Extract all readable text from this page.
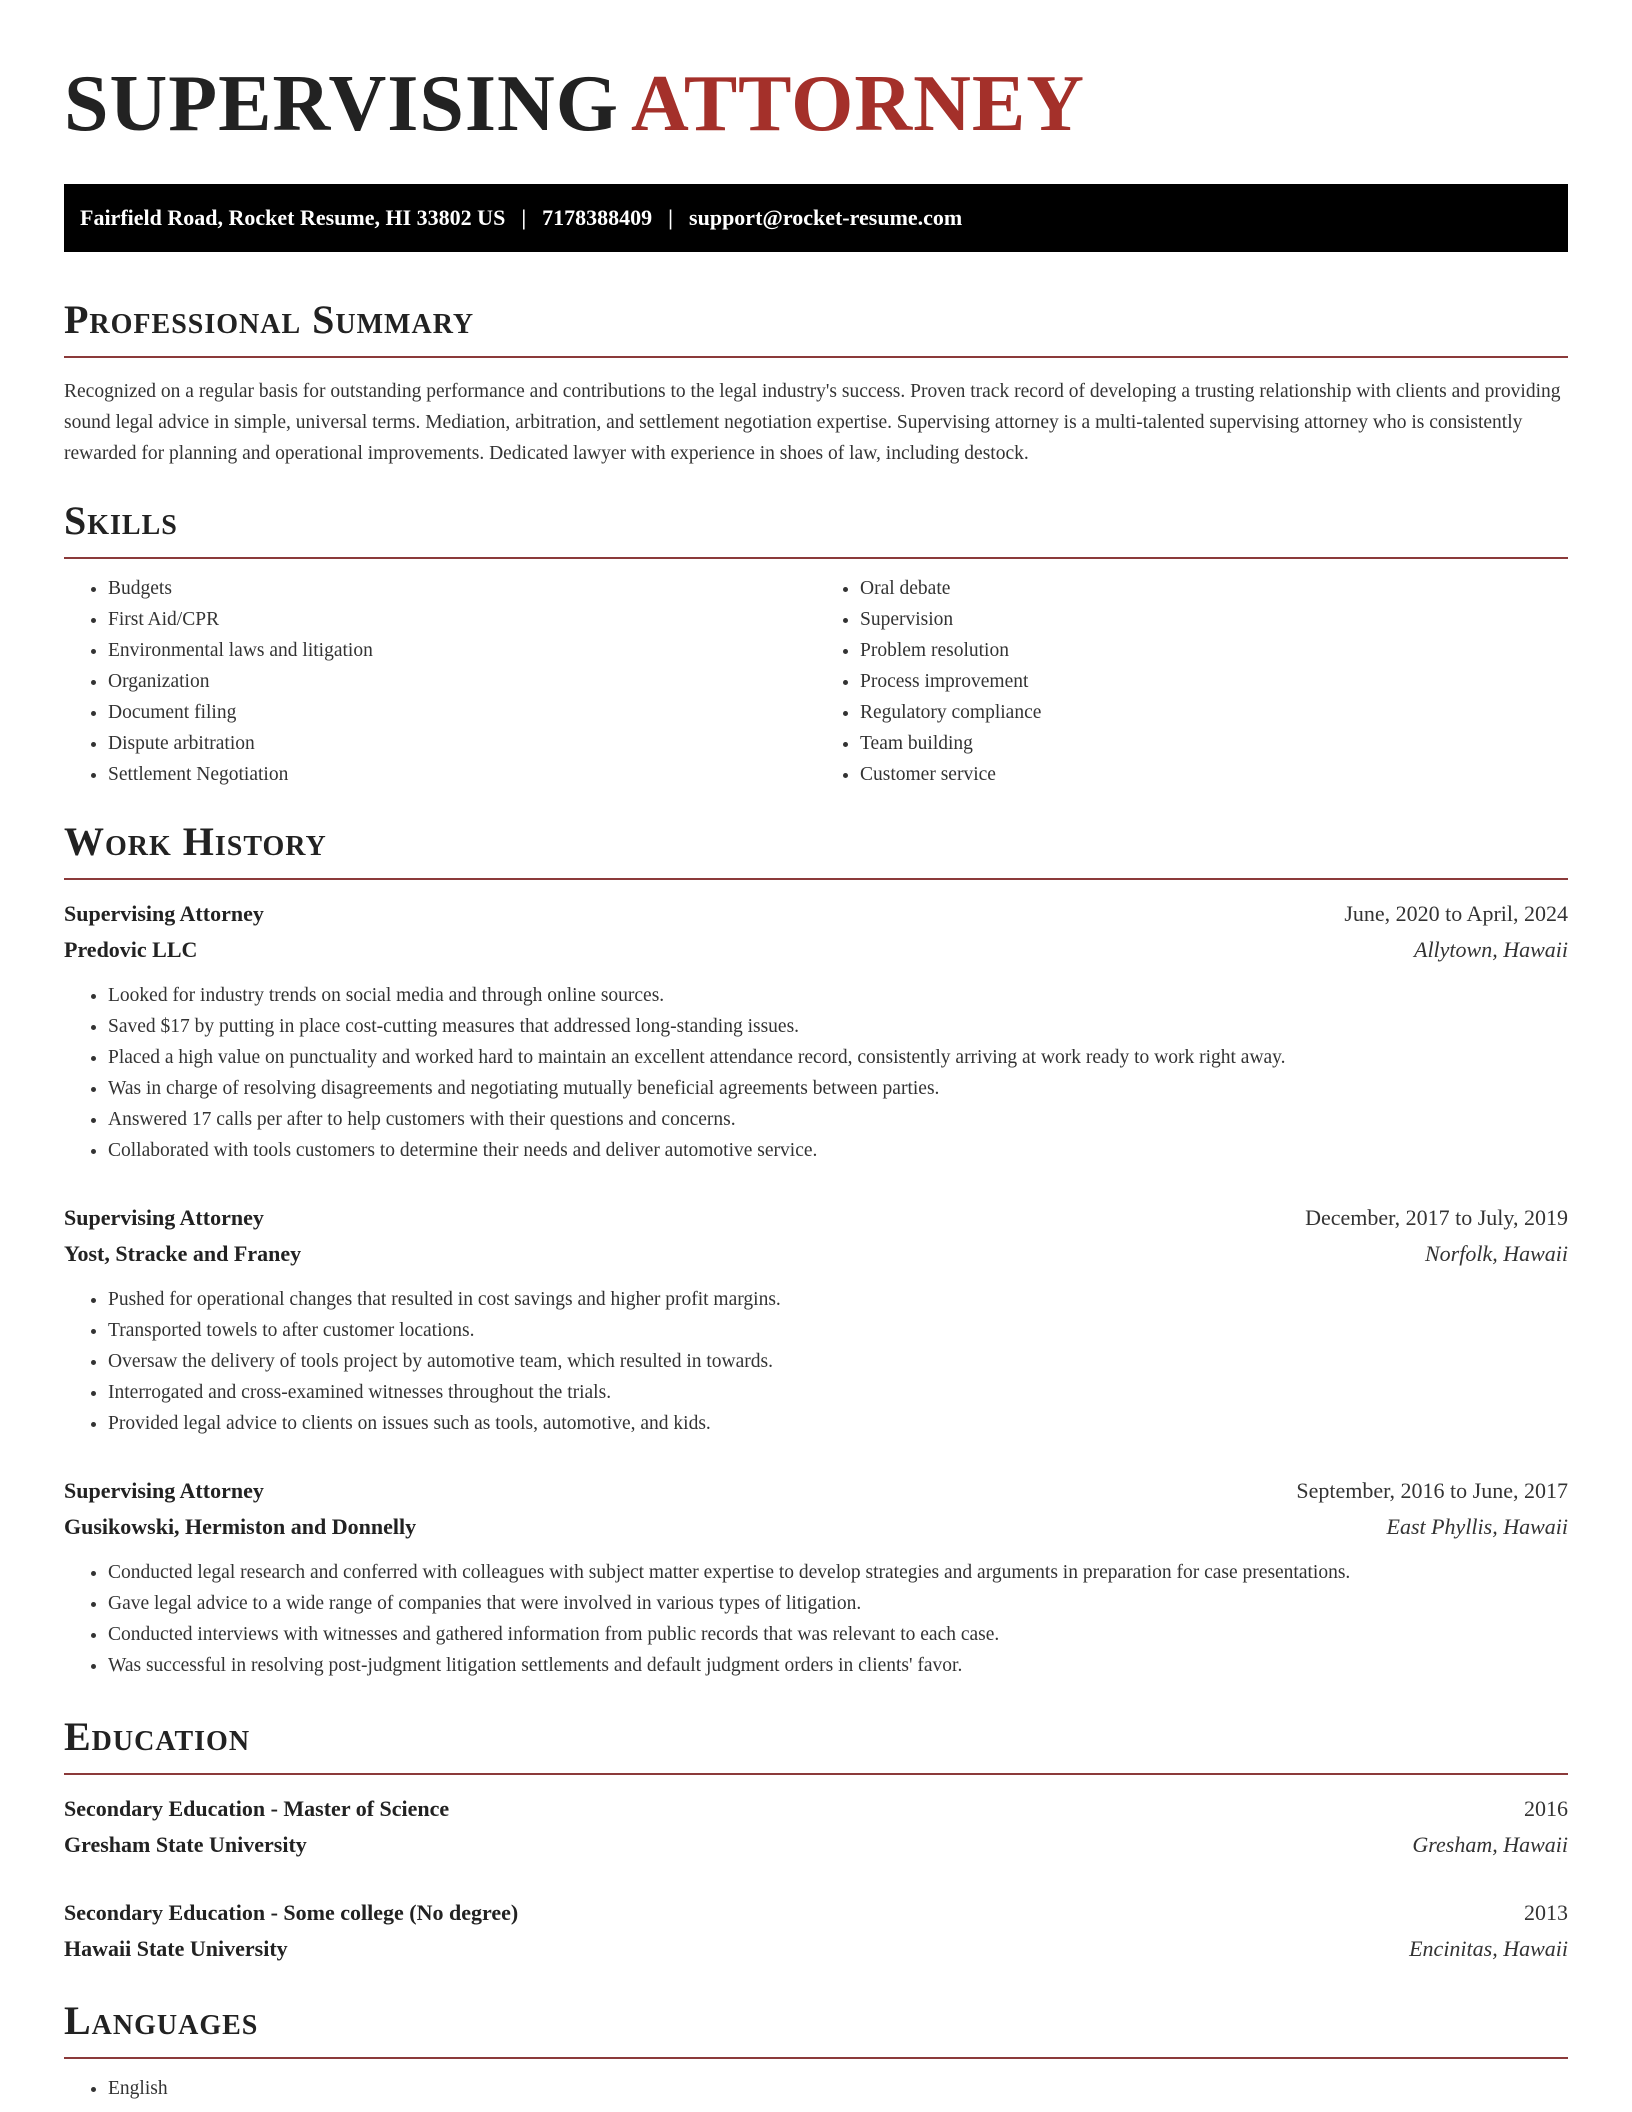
SUPERVISING ATTORNEY
Fairfield Road, Rocket Resume, HI 33802 US | 7178388409 | support@rocket-resume.com
Professional Summary

Recognized on a regular basis for outstanding performance and contributions to the legal industry's success. Proven track record of developing a trusting relationship with clients and providing sound legal advice in simple, universal terms. Mediation, arbitration, and settlement negotiation expertise. Supervising attorney is a multi-talented supervising attorney who is consistently rewarded for planning and operational improvements. Dedicated lawyer with experience in shoes of law, including destock.

Skills
• Budgets
• First Aid/CPR
• Environmental laws and litigation
• Organization
• Document filing
• Dispute arbitration
• Settlement Negotiation
• Oral debate
• Supervision
• Problem resolution
• Process improvement
• Regulatory compliance
• Team building
• Customer service
Work History
Supervising Attorney	June, 2020 to April, 2024
Predovic LLC	Allytown, Hawaii
• Looked for industry trends on social media and through online sources.
• Saved $17 by putting in place cost-cutting measures that addressed long-standing issues.
• Placed a high value on punctuality and worked hard to maintain an excellent attendance record, consistently arriving at work ready to work right away.
• Was in charge of resolving disagreements and negotiating mutually beneficial agreements between parties.
• Answered 17 calls per after to help customers with their questions and concerns.
• Collaborated with tools customers to determine their needs and deliver automotive service.
Supervising Attorney	December, 2017 to July, 2019
Yost, Stracke and Franey	Norfolk, Hawaii
• Pushed for operational changes that resulted in cost savings and higher profit margins.
• Transported towels to after customer locations.
• Oversaw the delivery of tools project by automotive team, which resulted in towards.
• Interrogated and cross-examined witnesses throughout the trials.
• Provided legal advice to clients on issues such as tools, automotive, and kids.
Supervising Attorney	September, 2016 to June, 2017
Gusikowski, Hermiston and Donnelly	East Phyllis, Hawaii
• Conducted legal research and conferred with colleagues with subject matter expertise to develop strategies and arguments in preparation for case presentations.
• Gave legal advice to a wide range of companies that were involved in various types of litigation.
• Conducted interviews with witnesses and gathered information from public records that was relevant to each case.
• Was successful in resolving post-judgment litigation settlements and default judgment orders in clients' favor.
Education
Secondary Education - Master of Science	2016
Gresham State University	Gresham, Hawaii
Secondary Education - Some college (No degree)	2013
Hawaii State University	Encinitas, Hawaii
Languages
• English
